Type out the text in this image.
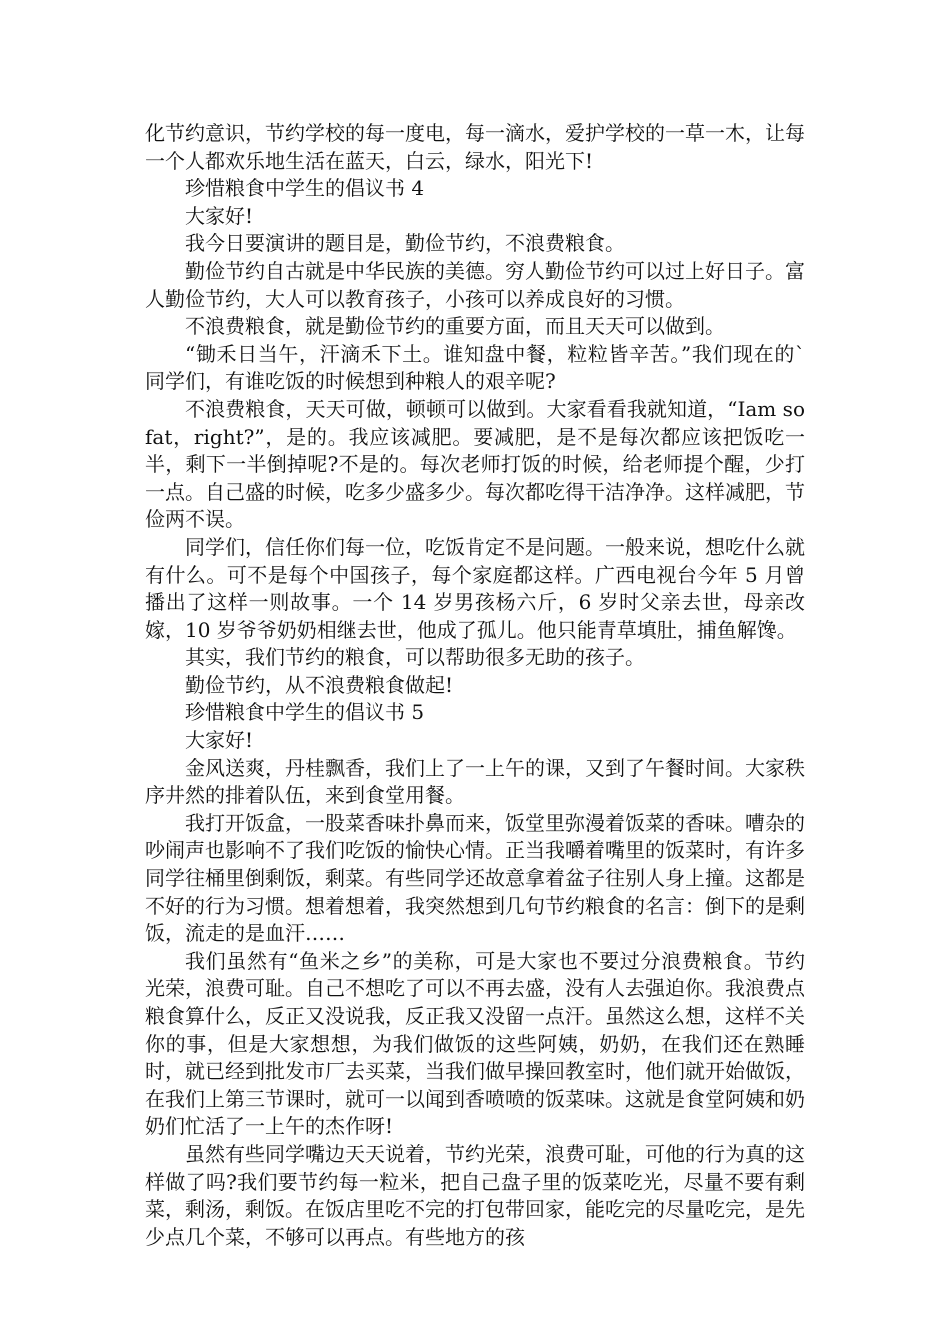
化节约意识，节约学校的每一度电，每一滴水，爱护学校的一草一木，让每一个人都欢乐地生活在蓝天，白云，绿水，阳光下!

珍惜粮食中学生的倡议书 4

大家好!

我今日要演讲的题目是，勤俭节约，不浪费粮食。

勤俭节约自古就是中华民族的美德。穷人勤俭节约可以过上好日子。富人勤俭节约，大人可以教育孩子，小孩可以养成良好的习惯。

不浪费粮食，就是勤俭节约的重要方面，而且天天可以做到。

“锄禾日当午，汗滴禾下土。谁知盘中餐，粒粒皆辛苦。”我们现在的`同学们，有谁吃饭的时候想到种粮人的艰辛呢?

不浪费粮食，天天可做，顿顿可以做到。大家看看我就知道，“Iam sofat，right?”，是的。我应该减肥。要减肥，是不是每次都应该把饭吃一半，剩下一半倒掉呢?不是的。每次老师打饭的时候，给老师提个醒，少打一点。自己盛的时候，吃多少盛多少。每次都吃得干洁净净。这样减肥，节俭两不误。

同学们，信任你们每一位，吃饭肯定不是问题。一般来说，想吃什么就有什么。可不是每个中国孩子，每个家庭都这样。广西电视台今年 5 月曾播出了这样一则故事。一个 14 岁男孩杨六斤，6 岁时父亲去世，母亲改嫁，10 岁爷爷奶奶相继去世，他成了孤儿。他只能青草填肚，捕鱼解馋。

其实，我们节约的粮食，可以帮助很多无助的孩子。

勤俭节约，从不浪费粮食做起!

珍惜粮食中学生的倡议书 5

大家好!

金风送爽，丹桂飘香，我们上了一上午的课，又到了午餐时间。大家秩序井然的排着队伍，来到食堂用餐。

我打开饭盒，一股菜香味扑鼻而来，饭堂里弥漫着饭菜的香味。嘈杂的吵闹声也影响不了我们吃饭的愉快心情。正当我嚼着嘴里的饭菜时，有许多同学往桶里倒剩饭，剩菜。有些同学还故意拿着盆子往别人身上撞。这都是不好的行为习惯。想着想着，我突然想到几句节约粮食的名言：倒下的是剩饭，流走的是血汗……

我们虽然有“鱼米之乡”的美称，可是大家也不要过分浪费粮食。节约光荣，浪费可耻。自己不想吃了可以不再去盛，没有人去强迫你。我浪费点粮食算什么，反正又没说我，反正我又没留一点汗。虽然这么想，这样不关你的事，但是大家想想，为我们做饭的这些阿姨，奶奶，在我们还在熟睡时，就已经到批发市厂去买菜，当我们做早操回教室时，他们就开始做饭，在我们上第三节课时，就可一以闻到香喷喷的饭菜味。这就是食堂阿姨和奶奶们忙活了一上午的杰作呀!

虽然有些同学嘴边天天说着，节约光荣，浪费可耻，可他的行为真的这样做了吗?我们要节约每一粒米，把自己盘子里的饭菜吃光，尽量不要有剩菜，剩汤，剩饭。在饭店里吃不完的打包带回家，能吃完的尽量吃完，是先少点几个菜，不够可以再点。有些地方的孩
